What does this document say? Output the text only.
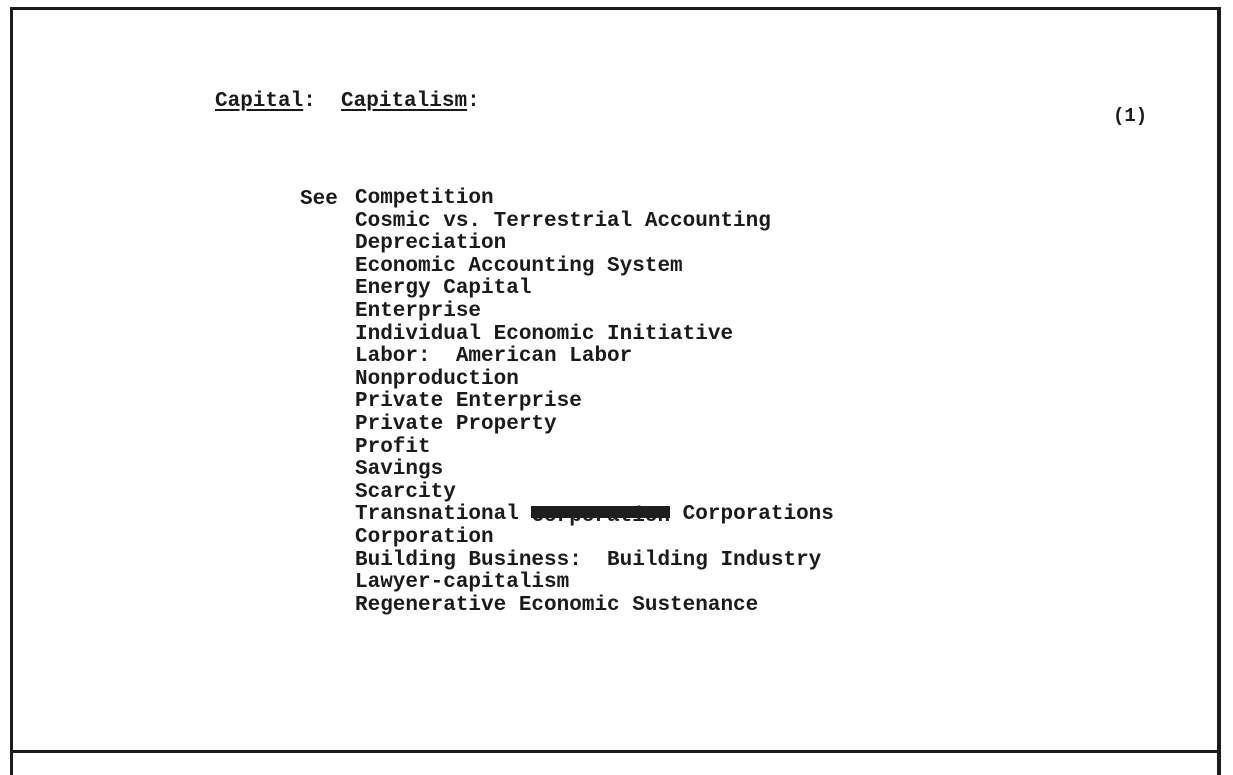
Capital:  Capitalism:
(1)
See Competition
Cosmic vs. Terrestrial Accounting
Depreciation
Economic Accounting System
Energy Capital
Enterprise
Individual Economic Initiative
Labor:  American Labor
Nonproduction
Private Enterprise
Private Property
Profit
Savings
Scarcity
Transnational Corporation Corporations
Corporation
Building Business:  Building Industry
Lawyer-capitalism
Regenerative Economic Sustenance
